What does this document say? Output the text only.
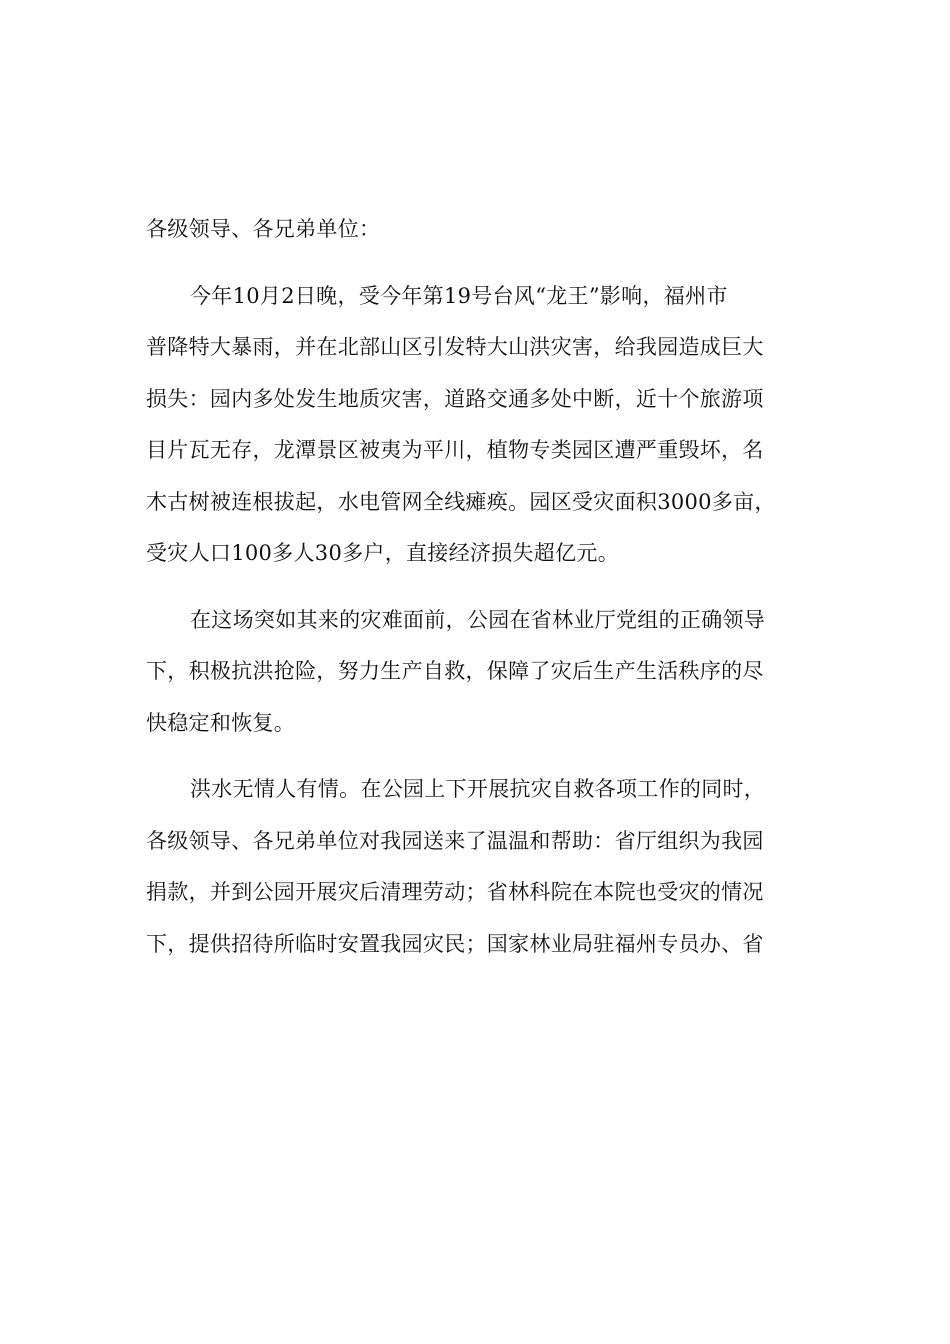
各级领导、各兄弟单位：
今年10月2日晚，受今年第19号台风“龙王”影响，福州市
普降特大暴雨，并在北部山区引发特大山洪灾害，给我园造成巨大
损失：园内多处发生地质灾害，道路交通多处中断，近十个旅游项
目片瓦无存，龙潭景区被夷为平川，植物专类园区遭严重毁坏，名
木古树被连根拔起，水电管网全线瘫痪。园区受灾面积3000多亩，
受灾人口100多人30多户，直接经济损失超亿元。
在这场突如其来的灾难面前，公园在省林业厅党组的正确领导
下，积极抗洪抢险，努力生产自救，保障了灾后生产生活秩序的尽
快稳定和恢复。
洪水无情人有情。在公园上下开展抗灾自救各项工作的同时，
各级领导、各兄弟单位对我园送来了温温和帮助：省厅组织为我园
捐款，并到公园开展灾后清理劳动；省林科院在本院也受灾的情况
下，提供招待所临时安置我园灾民；国家林业局驻福州专员办、省
